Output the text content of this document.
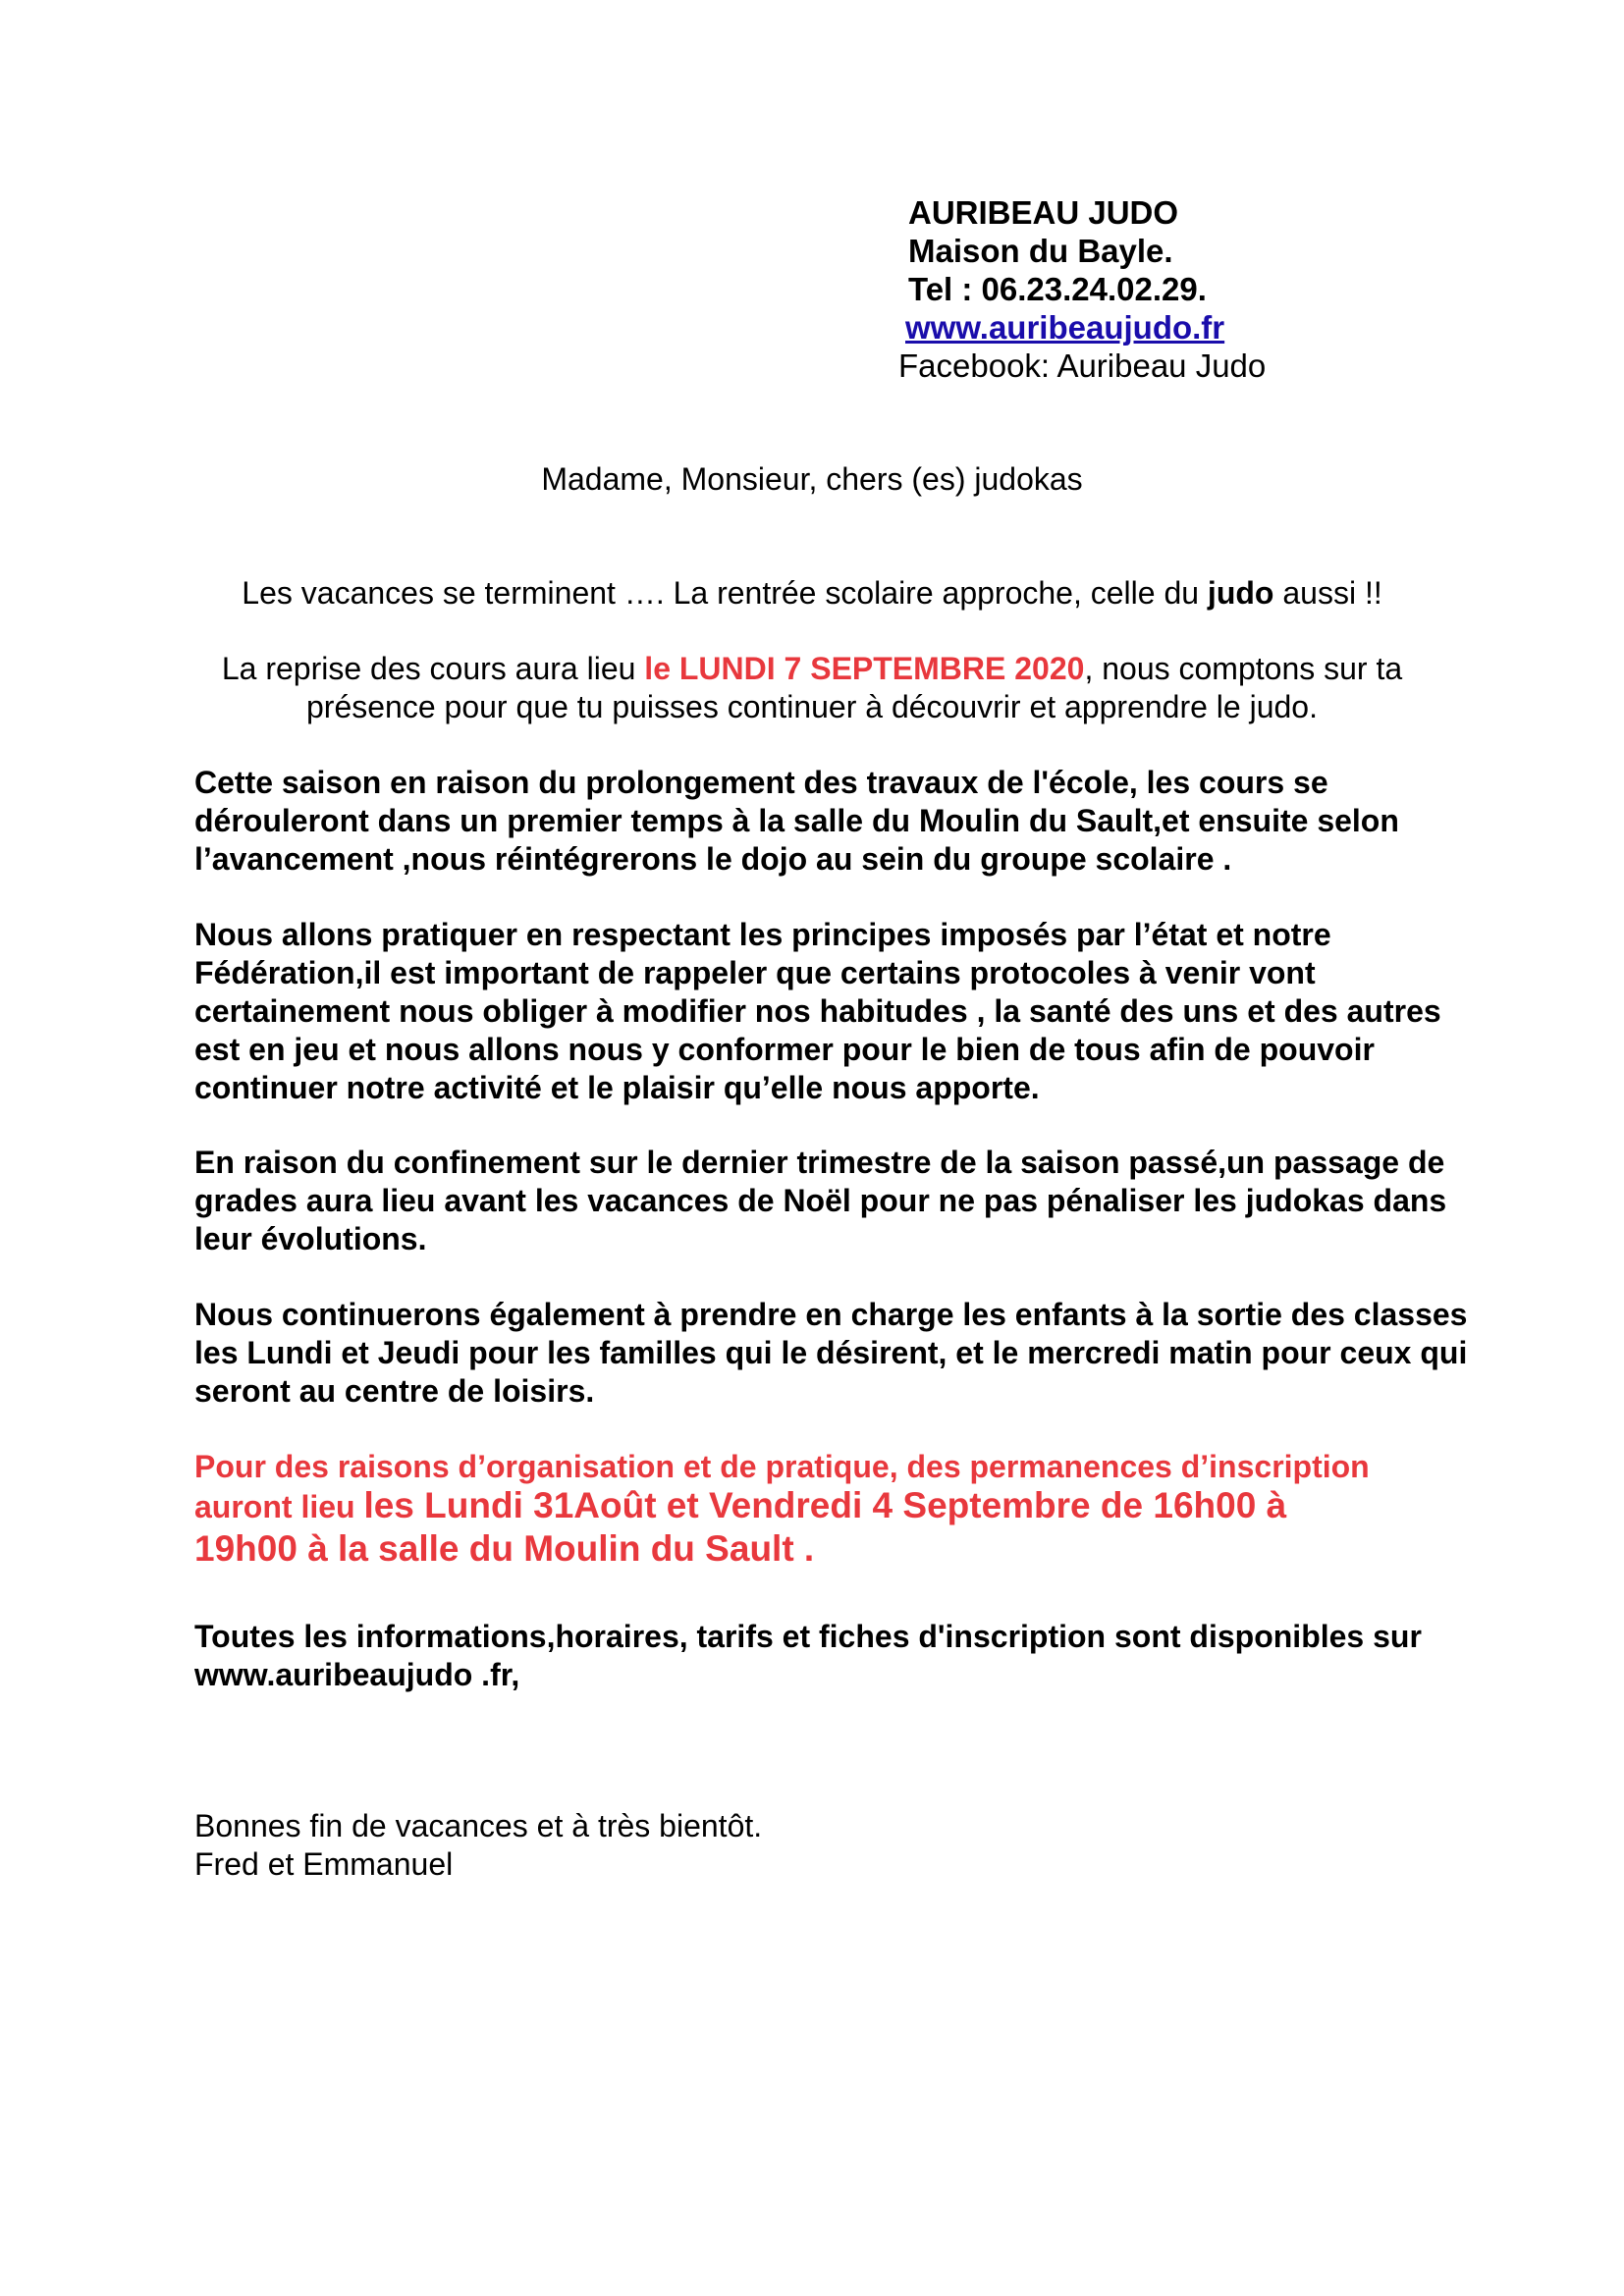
AURIBEAU JUDO
Maison du Bayle.
Tel : 06.23.24.02.29.
www.auribeaujudo.fr
Facebook: Auribeau Judo
Madame, Monsieur, chers (es) judokas
Les vacances se terminent …. La rentrée scolaire approche, celle du judo aussi !!
La reprise des cours aura lieu le LUNDI 7 SEPTEMBRE 2020, nous comptons sur ta
présence pour que tu puisses continuer à découvrir et apprendre le judo.

Cette saison en raison du prolongement des travaux de l'école, les cours se dérouleront dans un premier temps à la salle du Moulin du Sault,et ensuite selon l’avancement ,nous réintégrerons le dojo au sein du groupe scolaire .

Nous allons pratiquer en respectant les principes imposés par l’état et notre Fédération,il est important de rappeler que certains protocoles à venir vont certainement nous obliger à modifier nos habitudes , la santé des uns et des autres est en jeu et nous allons nous y conformer pour le bien de tous afin de pouvoir continuer notre activité et le plaisir qu’elle nous apporte.

En raison du confinement sur le dernier trimestre de la saison passé,un passage de grades aura lieu avant les vacances de Noël pour ne pas pénaliser les judokas dans leur évolutions.

Nous continuerons également à prendre en charge les enfants à la sortie des classes les Lundi et Jeudi pour les familles qui le désirent, et le mercredi matin pour ceux qui seront au centre de loisirs.

Pour des raisons d’organisation et de pratique, des permanences d’inscription
auront lieu les Lundi 31Août et Vendredi 4 Septembre de 16h00 à
19h00 à la salle du Moulin du Sault .

Toutes les informations,horaires, tarifs et fiches d'inscription sont disponibles sur www.auribeaujudo .fr,

Bonnes fin de vacances et à très bientôt.
Fred et Emmanuel
